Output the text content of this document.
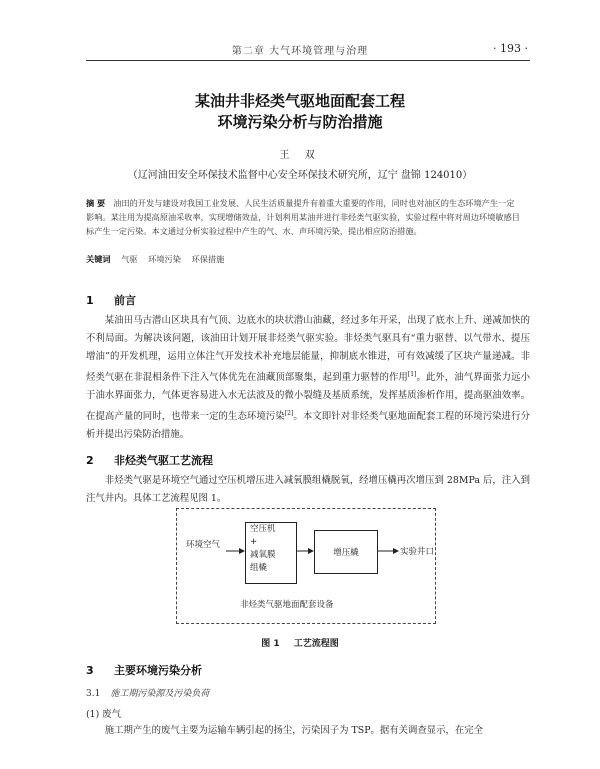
第二章 大气环境管理与治理	· 193 ·
某油井非烃类气驱地面配套工程
环境污染分析与防治措施
王 双
（辽河油田安全环保技术监督中心安全环保技术研究所，辽宁 盘锦 124010）
摘 要 油田的开发与建设对我国工业发展、人民生活质量提升有着重大重要的作用，同时也对油区的生态环境产生一定影响。某注用为提高原油采收率，实现增储效益，计划利用某油井进行非烃类气驱实验，实验过程中将对周边环境敏感目标产生一定污染。本文通过分析实验过程中产生的气、水、声环境污染，提出相应防治措施。
关键词 气驱 环境污染 环保措施
1 前言
某油田马古潜山区块具有气顶、边底水的块状潜山油藏，经过多年开采，出现了底水上升、递减加快的不利局面。为解决该问题，该油田计划开展非烃类气驱实验。非烃类气驱具有“重力驱替、以气带水、提压增油”的开发机理，运用立体注气开发技术补充地层能量，抑制底水锥进，可有效减缓了区块产量递减。非烃类气驱在非混相条件下注入气体优先在油藏顶部聚集，起到重力驱替的作用[1]。此外，油气界面张力远小于油水界面张力，气体更容易进入水无法波及的微小裂缝及基质系统，发挥基质渗析作用，提高驱油效率。在提高产量的同时，也带来一定的生态环境污染[2]。本文即针对非烃类气驱地面配套工程的环境污染进行分析并提出污染防治措施。
2 非烃类气驱工艺流程
非烃类气驱是环境空气通过空压机增压进入减氧膜组橇脱氧，经增压橇再次增压到 28MPa 后，注入到注气井内。具体工艺流程见图 1。
环境空气
空压机
+
减氧膜
组橇
增压橇	实验井口
非烃类气驱地面配套设备
图 1 工艺流程图
3 主要环境污染分析
3.1 施工期污染源及污染负荷
(1) 废气
施工期产生的废气主要为运输车辆引起的扬尘，污染因子为 TSP。据有关调查显示，在完全
